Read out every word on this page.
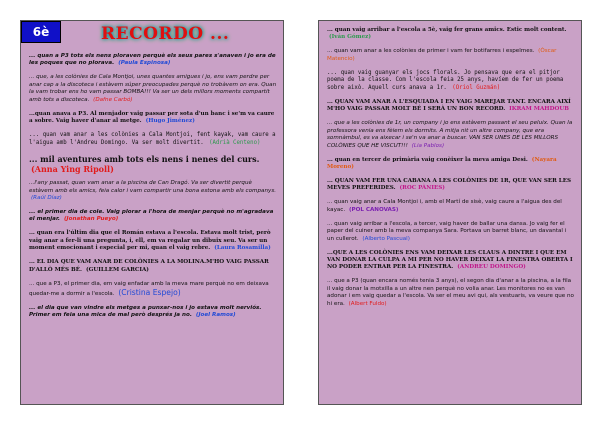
6è	RECORDO ...
... quan a P3 tots els nens ploraven perquè els seus pares s'anaven i jo era de les poques que no plorava. (Paula Espinosa)
... que, a les colònies de Cala Montjoi, unes quantes amigues i jo, ens vam perdre per anar cap a la discoteca i estàvem súper preocupades perquè no trobàvem on era. Quan la vam trobar ens ho vam passar BOMBA!!! Va ser un dels millors moments compartit amb tots a discoteca. (Dafne Carbó)
...quan anava a P3. Al menjador vaig passar per sota d'un banc i se'm va caure a sobre. Vaig haver d'anar al metge. (Hugo Jiménez)
... quan vam anar a les colònies a Cala Montjoi, fent kayak, vam caure a l'aigua amb l'Andreu Domingo. Va ser molt divertit. (Adrià Centeno)
... mil aventures amb tots els nens i nenes del curs. (Anna Ying Ripoll)
...l'any passat, quan vam anar a la piscina de Can Dragó. Va ser divertit perquè estàvem amb els amics, feia calor i vam compartir una bona estona amb els companys. (Raúl Díaz)
... el primer dia de cole. Vaig plorar a l'hora de menjar perquè no m'agradava el menjar. (Jonathan Pueyo)
... quan era l'últim dia que el Román estava a l'escola. Estava molt trist, però vaig anar a fer-li una pregunta, i, ell, em va regalar un dibuix seu. Va ser un moment emocionant i especial per mi, quan el vaig rebre. (Laura Rosamilla)
... EL DIA QUE VAM ANAR DE COLÒNIES A LA MOLINA.M'HO VAIG PASSAR D'ALLÒ MÉS BÉ. (GUILLEM GARCIA)
... que a P3, el primer dia, em vaig enfadar amb la meva mare perquè no em deixava quedar-me a dormir a l'escola. (Cristina Espejo)
... el dia que van vindre els metges a punxar-nos i jo estava molt nerviós. Primer em feia una mica de mal però després ja no. (Joel Ramos)
... quan vaig arribar a l'escola a 5è, vaig fer grans amics. Estic molt content. (Iván Gómez)
... quan vam anar a les colònies de primer i vam fer botifarres i espelmes. (Òscar Matencio)
... quan vaig guanyar els jocs florals. Jo pensava que era el pitjor poema de la classe. Com l'escola feia 25 anys, havíem de fer un poema sobre això. Aquell curs anava a 1r. (Oriol Guzmán)
... QUAN VAM ANAR A L'ESQUIADA I EN VAIG MAREJAR TANT. ENCARA AIXÍ M'HO VAIG PASSAR MOLT BÉ I SERÀ UN BON RECORD. IKRAM MAHDOUB
... que a les colònies de 1r, un company i jo ens estàvem passant el seu peluix. Quan la professora venia ens fèiem els dormits. A mitja nit un altre company, que era somnàmbul, es va aixecar i se'n va anar a buscar. VAN SER UNES DE LES MILLORS COLÒNIES QUE HE VISCUT!!! (Lia Pablos)
... quan en tercer de primària vaig conèixer la meva amiga Desi. (Nayara Moreno)
... QUAN VAM FER UNA CABANA A LES COLÒNIES DE 1R, QUE VAN SER LES MEVES PREFERIDES. (ROC PÀNIES)
... quan vaig anar a Cala Montjoi i, amb el Martí de sisè, vaig caure a l'aigua des del kayac. (POL CANOVAS)
... quan vaig arribar a l'escola, a tercer, vaig haver de ballar una dansa. Jo vaig fer el paper del cuiner amb la meva companya Sara. Portava un barret blanc, un davantal i un cullerot. (Alberto Pascual)
...QUE A LES COLÒNIES ENS VAM DEIXAR LES CLAUS A DINTRE I QUE EM VAN DONAR LA CULPA A MI PER NO HAVER DEIXAT LA FINESTRA OBERTA I NO PODER ENTRAR PER LA FINESTRA. (ANDREU DOMINGO)
... que a P3 (quan encara només tenia 3 anys), el segon dia d'anar a la piscina, a la fila il vaig donar la motxilla a un altre nen perquè no volia anar. Les monitores no es van adonar i em vaig quedar a l'escola. Va ser el meu avi qui, als vestuaris, va veure que no hi era. (Albert Fuldo)
